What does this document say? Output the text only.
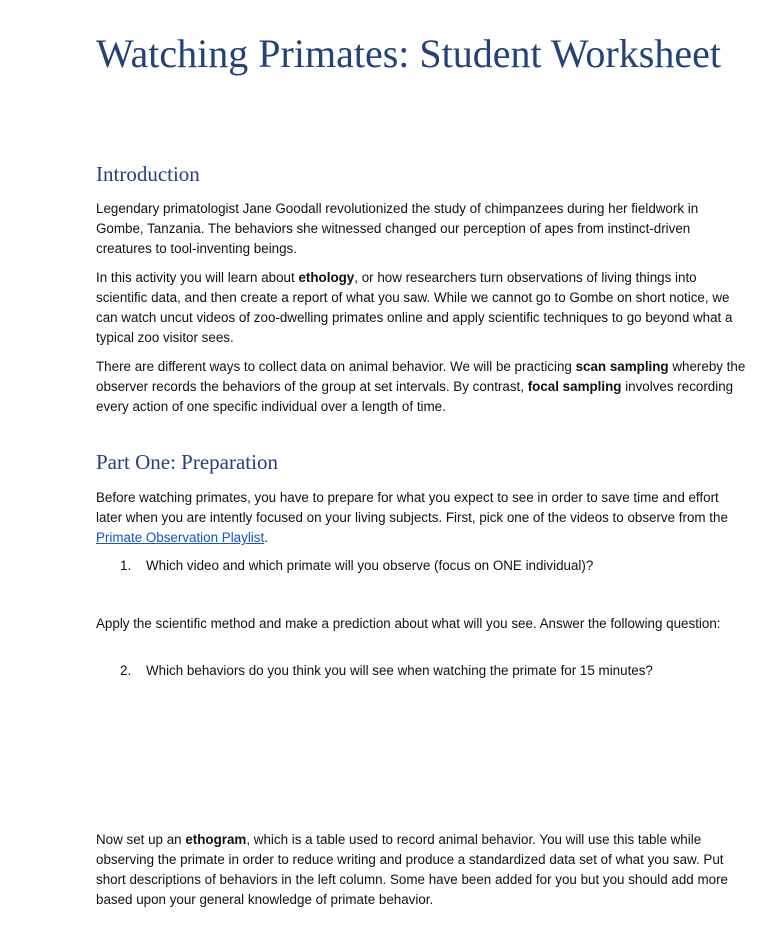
Watching Primates: Student Worksheet
Introduction

Legendary primatologist Jane Goodall revolutionized the study of chimpanzees during her fieldwork in Gombe, Tanzania. The behaviors she witnessed changed our perception of apes from instinct-driven creatures to tool-inventing beings.

In this activity you will learn about ethology, or how researchers turn observations of living things into scientific data, and then create a report of what you saw. While we cannot go to Gombe on short notice, we can watch uncut videos of zoo-dwelling primates online and apply scientific techniques to go beyond what a typical zoo visitor sees.

There are different ways to collect data on animal behavior. We will be practicing scan sampling whereby the observer records the behaviors of the group at set intervals. By contrast, focal sampling involves recording every action of one specific individual over a length of time.

Part One: Preparation

Before watching primates, you have to prepare for what you expect to see in order to save time and effort later when you are intently focused on your living subjects. First, pick one of the videos to observe from the Primate Observation Playlist.

1. Which video and which primate will you observe (focus on ONE individual)?

Apply the scientific method and make a prediction about what will you see. Answer the following question:

2. Which behaviors do you think you will see when watching the primate for 15 minutes?

Now set up an ethogram, which is a table used to record animal behavior. You will use this table while observing the primate in order to reduce writing and produce a standardized data set of what you saw. Put short descriptions of behaviors in the left column. Some have been added for you but you should add more based upon your general knowledge of primate behavior.
